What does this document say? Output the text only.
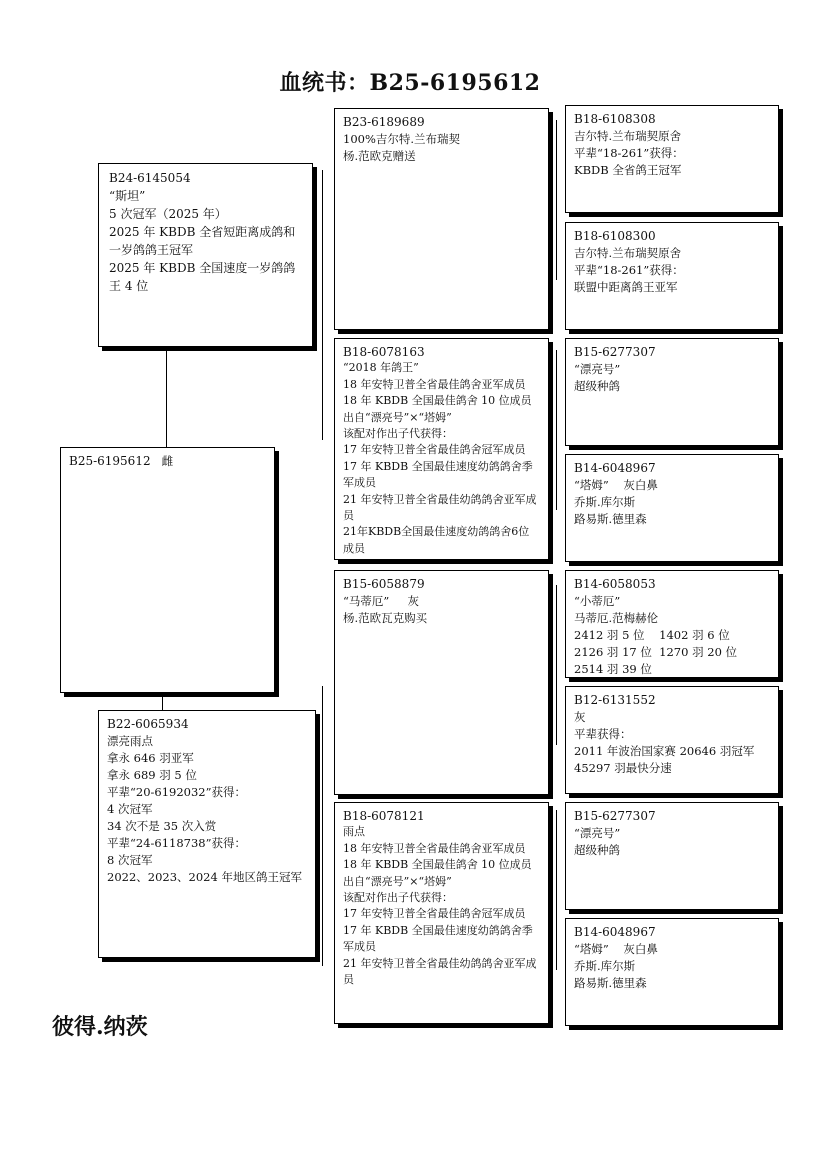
血统书：B25-6195612
B25-6195612 雌
B24-6145054
“斯坦”
5 次冠军（2025 年）
2025 年 KBDB 全省短距离成鸽和一岁鸽鸽王冠军
2025 年 KBDB 全国速度一岁鸽鸽王 4 位
B22-6065934
漂亮雨点
拿永 646 羽亚军
拿永 689 羽 5 位
平辈“20-6192032”获得：
4 次冠军
34 次不是 35 次入赏
平辈“24-6118738”获得：
8 次冠军
2022、2023、2024 年地区鸽王冠军
B23-6189689
100%吉尔特.兰布瑞契
杨.范欧克赠送
B18-6078163
“2018 年鸽王”
18 年安特卫普全省最佳鸽舍亚军成员
18 年 KBDB 全国最佳鸽舍 10 位成员
出自“漂亮号”×“塔姆”
该配对作出子代获得：
17 年安特卫普全省最佳鸽舍冠军成员
17 年 KBDB 全国最佳速度幼鸽鸽舍季军成员
21 年安特卫普全省最佳幼鸽鸽舍亚军成员
21年KBDB全国最佳速度幼鸽鸽舍6位成员
B15-6058879
“马蒂厄”     灰
杨.范欧瓦克购买
B18-6078121
雨点
18 年安特卫普全省最佳鸽舍亚军成员
18 年 KBDB 全国最佳鸽舍 10 位成员
出自“漂亮号”×“塔姆”
该配对作出子代获得：
17 年安特卫普全省最佳鸽舍冠军成员
17 年 KBDB 全国最佳速度幼鸽鸽舍季军成员
21 年安特卫普全省最佳幼鸽鸽舍亚军成员
B18-6108308
吉尔特.兰布瑞契原舍
平辈“18-261”获得：
KBDB 全省鸽王冠军
B18-6108300
吉尔特.兰布瑞契原舍
平辈“18-261”获得：
联盟中距离鸽王亚军
B15-6277307
“漂亮号”
超级种鸽
B14-6048967
“塔姆”    灰白鼻
乔斯.库尔斯
路易斯.德里森
B14-6058053
“小蒂厄”
马蒂厄.范梅赫伦
2412 羽 5 位    1402 羽 6 位
2126 羽 17 位  1270 羽 20 位
2514 羽 39 位
B12-6131552
灰
平辈获得：
2011 年波治国家赛 20646 羽冠军
45297 羽最快分速
B15-6277307
“漂亮号”
超级种鸽
B14-6048967
“塔姆”    灰白鼻
乔斯.库尔斯
路易斯.德里森
彼得.纳茨
